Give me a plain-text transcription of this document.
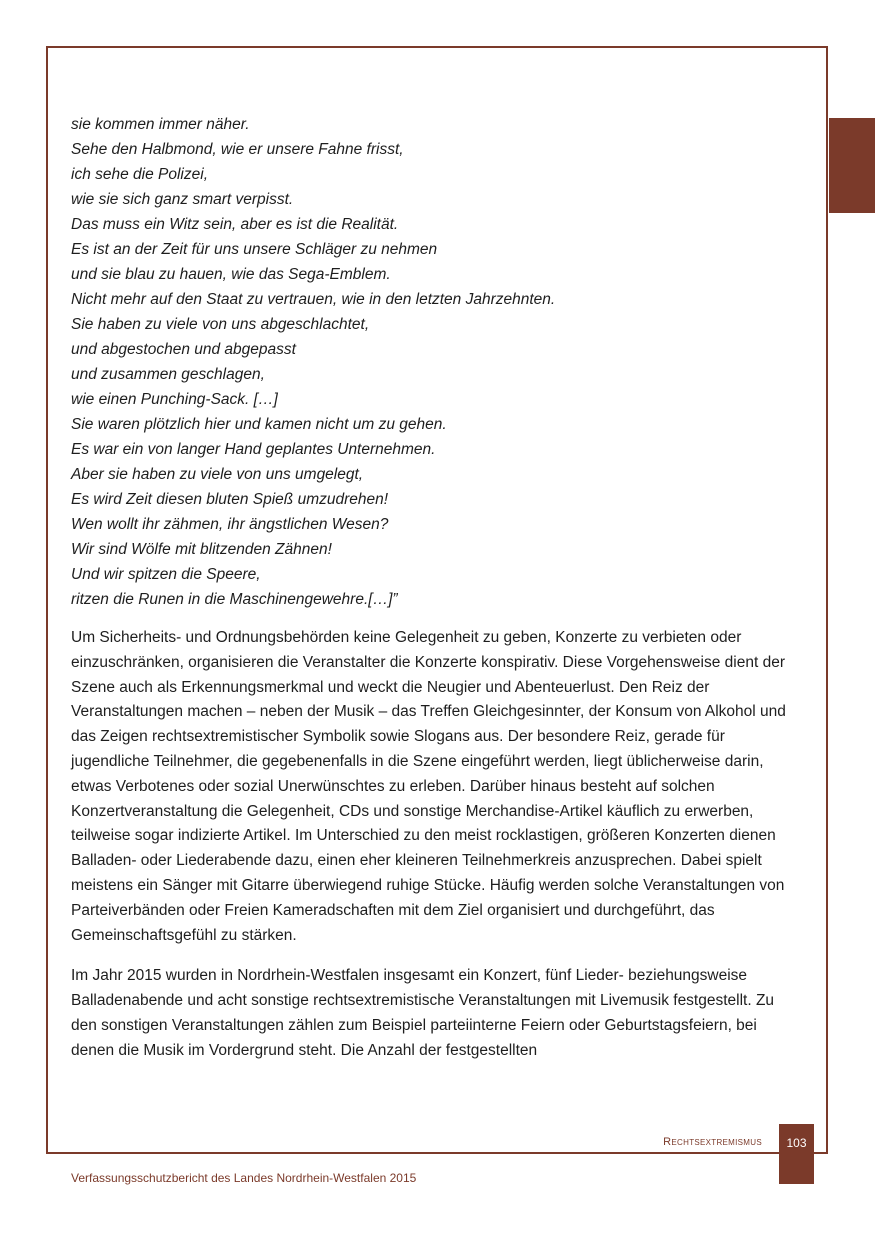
sie kommen immer näher.
Sehe den Halbmond, wie er unsere Fahne frisst,
ich sehe die Polizei,
wie sie sich ganz smart verpisst.
Das muss ein Witz sein, aber es ist die Realität.
Es ist an der Zeit für uns unsere Schläger zu nehmen
und sie blau zu hauen, wie das Sega-Emblem.
Nicht mehr auf den Staat zu vertrauen, wie in den letzten Jahrzehnten.
Sie haben zu viele von uns abgeschlachtet,
und abgestochen und abgepasst
und zusammen geschlagen,
wie einen Punching-Sack. […]
Sie waren plötzlich hier und kamen nicht um zu gehen.
Es war ein von langer Hand geplantes Unternehmen.
Aber sie haben zu viele von uns umgelegt,
Es wird Zeit diesen bluten Spieß umzudrehen!
Wen wollt ihr zähmen, ihr ängstlichen Wesen?
Wir sind Wölfe mit blitzenden Zähnen!
Und wir spitzen die Speere,
ritzen die Runen in die Maschinengewehre.[…]”

Um Sicherheits- und Ordnungsbehörden keine Gelegenheit zu geben, Konzerte zu verbieten oder einzuschränken, organisieren die Veranstalter die Konzerte konspirativ. Diese Vorgehensweise dient der Szene auch als Erkennungsmerkmal und weckt die Neugier und Abenteuerlust. Den Reiz der Veranstaltungen machen – neben der Musik – das Treffen Gleichgesinnter, der Konsum von Alkohol und das Zeigen rechtsextremistischer Symbolik sowie Slogans aus. Der besondere Reiz, gerade für jugendliche Teilnehmer, die gegebenenfalls in die Szene eingeführt werden, liegt üblicherweise darin, etwas Verbotenes oder sozial Unerwünschtes zu erleben. Darüber hinaus besteht auf solchen Konzertveranstaltung die Gelegenheit, CDs und sonstige Merchandise-Artikel käuflich zu erwerben, teilweise sogar indizierte Artikel. Im Unterschied zu den meist rocklastigen, größeren Konzerten dienen Balladen- oder Liederabende dazu, einen eher kleineren Teilnehmerkreis anzusprechen. Dabei spielt meistens ein Sänger mit Gitarre überwiegend ruhige Stücke. Häufig werden solche Veranstaltungen von Parteiverbänden oder Freien Kameradschaften mit dem Ziel organisiert und durchgeführt, das Gemeinschaftsgefühl zu stärken.

Im Jahr 2015 wurden in Nordrhein-Westfalen insgesamt ein Konzert, fünf Lieder- beziehungsweise Balladenabende und acht sonstige rechtsextremistische Veranstaltungen mit Livemusik festgestellt. Zu den sonstigen Veranstaltungen zählen zum Beispiel parteiinterne Feiern oder Geburtstagsfeiern, bei denen die Musik im Vordergrund steht. Die Anzahl der festgestellten

Rechtsextremismus	103
Verfassungsschutzbericht des Landes Nordrhein-Westfalen 2015
